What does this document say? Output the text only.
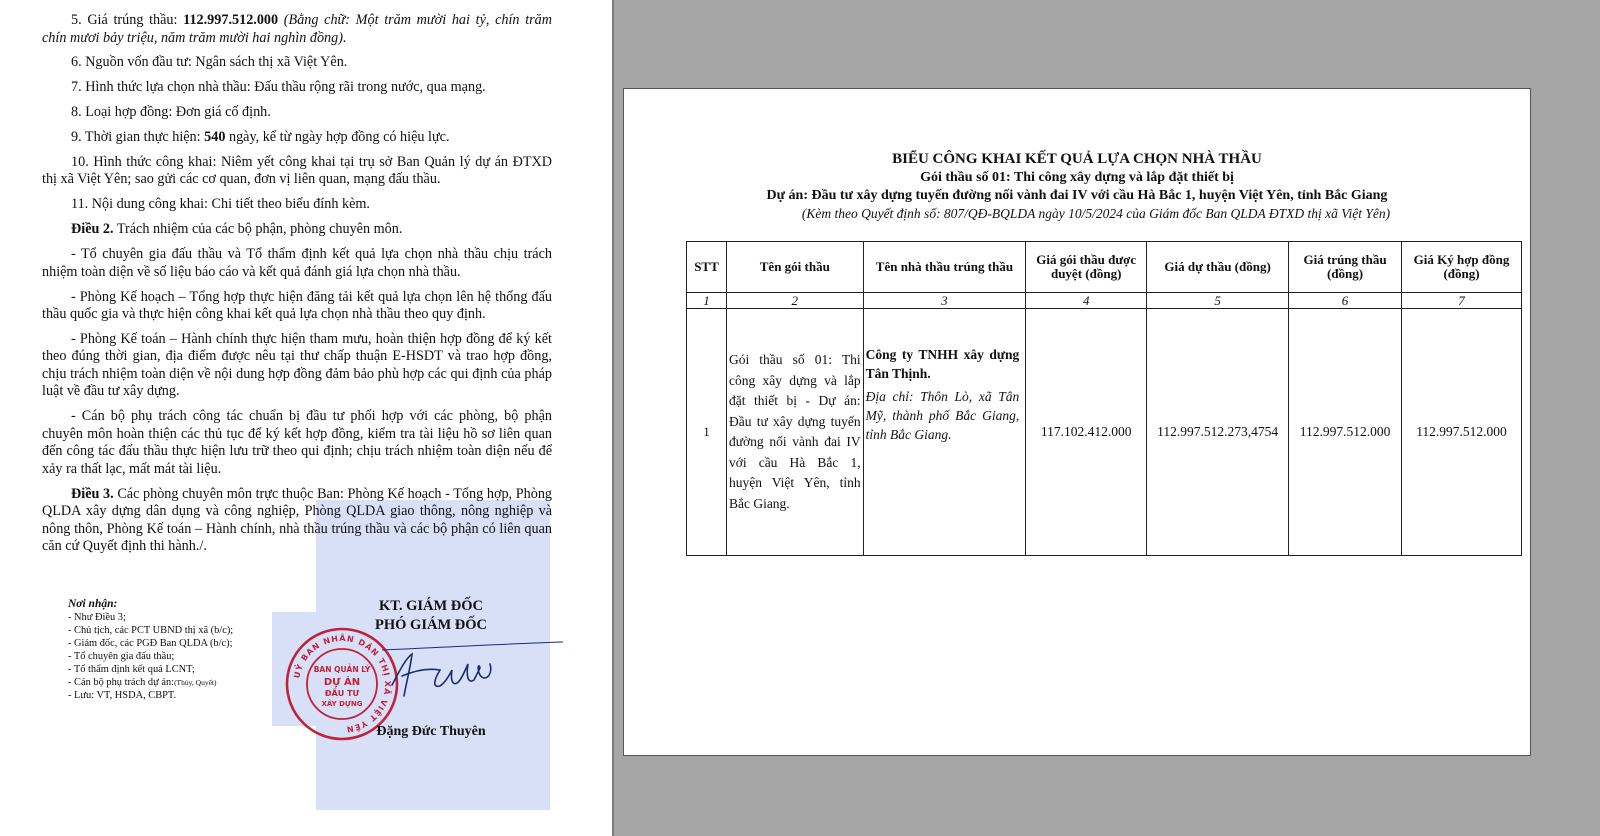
5. Giá trúng thầu: 112.997.512.000 (Bằng chữ: Một trăm mười hai tỷ, chín trăm chín mươi bảy triệu, năm trăm mười hai nghìn đồng).

6. Nguồn vốn đầu tư: Ngân sách thị xã Việt Yên.

7. Hình thức lựa chọn nhà thầu: Đấu thầu rộng rãi trong nước, qua mạng.

8. Loại hợp đồng: Đơn giá cố định.

9. Thời gian thực hiện: 540 ngày, kể từ ngày hợp đồng có hiệu lực.

10. Hình thức công khai: Niêm yết công khai tại trụ sở Ban Quản lý dự án ĐTXD thị xã Việt Yên; sao gửi các cơ quan, đơn vị liên quan, mạng đấu thầu.

11. Nội dung công khai: Chi tiết theo biểu đính kèm.

Điều 2. Trách nhiệm của các bộ phận, phòng chuyên môn.

- Tổ chuyên gia đấu thầu và Tổ thẩm định kết quả lựa chọn nhà thầu chịu trách nhiệm toàn diện về số liệu báo cáo và kết quả đánh giá lựa chọn nhà thầu.

- Phòng Kế hoạch – Tổng hợp thực hiện đăng tải kết quả lựa chọn lên hệ thống đấu thầu quốc gia và thực hiện công khai kết quả lựa chọn nhà thầu theo quy định.

- Phòng Kế toán – Hành chính thực hiện tham mưu, hoàn thiện hợp đồng để ký kết theo đúng thời gian, địa điểm được nêu tại thư chấp thuận E-HSDT và trao hợp đồng, chịu trách nhiệm toàn diện về nội dung hợp đồng đảm bảo phù hợp các qui định của pháp luật về đầu tư xây dựng.

- Cán bộ phụ trách công tác chuẩn bị đầu tư phối hợp với các phòng, bộ phận chuyên môn hoàn thiện các thủ tục để ký kết hợp đồng, kiểm tra tài liệu hồ sơ liên quan đến công tác đấu thầu thực hiện lưu trữ theo qui định; chịu trách nhiệm toàn diện nếu để xảy ra thất lạc, mất mát tài liệu.

Điều 3. Các phòng chuyên môn trực thuộc Ban: Phòng Kế hoạch - Tổng hợp, Phòng QLDA xây dựng dân dụng và công nghiệp, Phòng QLDA giao thông, nông nghiệp và nông thôn, Phòng Kế toán – Hành chính, nhà thầu trúng thầu và các bộ phận có liên quan căn cứ Quyết định thi hành./.

Nơi nhận:
- Như Điều 3;
- Chủ tịch, các PCT UBND thị xã (b/c);
- Giám đốc, các PGĐ Ban QLDA (b/c);
- Tổ chuyên gia đấu thầu;
- Tổ thẩm định kết quả LCNT;
- Cán bộ phụ trách dự án:(Thủy, Quyết)
- Lưu: VT, HSDA, CBPT.
KT. GIÁM ĐỐC
PHÓ GIÁM ĐỐC
UỶ BAN NHÂN DÂN THỊ XÃ VIỆT YÊN
BAN QUẢN LÝ
DỰ ÁN
ĐẦU TƯ
XÂY DỰNG
Đặng Đức Thuyên
BIỂU CÔNG KHAI KẾT QUẢ LỰA CHỌN NHÀ THẦU
Gói thầu số 01: Thi công xây dựng và lắp đặt thiết bị
Dự án: Đầu tư xây dựng tuyến đường nối vành đai IV với cầu Hà Bắc 1, huyện Việt Yên, tỉnh Bắc Giang
(Kèm theo Quyết định số: 807/QĐ-BQLDA ngày 10/5/2024 của Giám đốc Ban QLDA ĐTXD thị xã Việt Yên)
STT	Tên gói thầu	Tên nhà thầu trúng thầu	Giá gói thầu được duyệt (đồng)	Giá dự thầu (đồng)	Giá trúng thầu (đồng)	Giá Ký hợp đồng (đồng)
1	2	3	4	5	6	7
1	Gói thầu số 01: Thi công xây dựng và lắp đặt thiết bị - Dự án: Đầu tư xây dựng tuyến đường nối vành đai IV với cầu Hà Bắc 1, huyện Việt Yên, tỉnh Bắc Giang.	Công ty TNHH xây dựng Tân Thịnh.
Địa chỉ: Thôn Lò, xã Tân Mỹ, thành phố Bắc Giang, tỉnh Bắc Giang.	117.102.412.000	112.997.512.273,4754	112.997.512.000	112.997.512.000
